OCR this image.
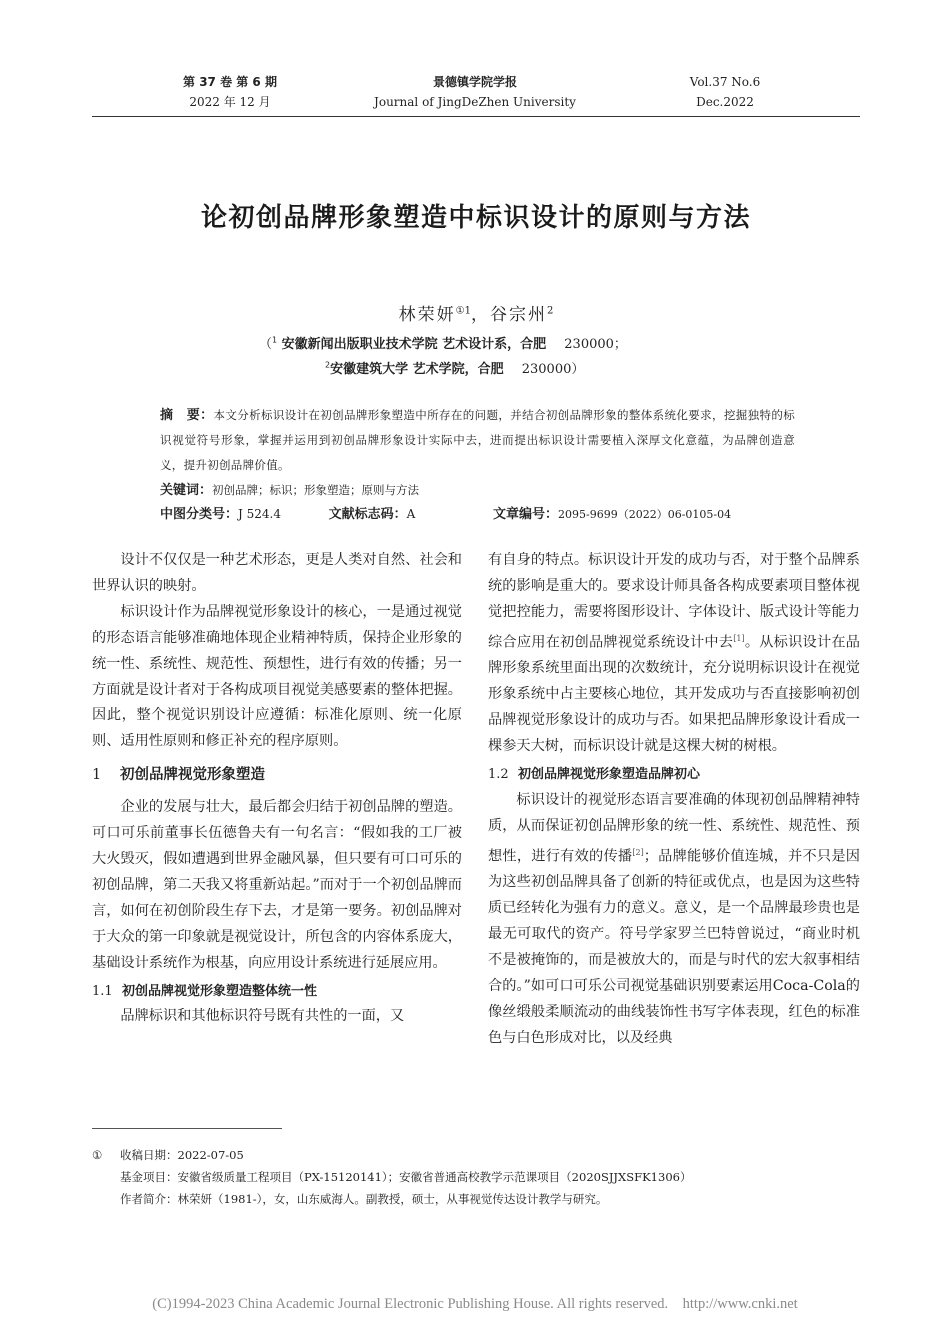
第 37 卷 第 6 期
2022 年 12 月
景德镇学院学报
Journal of JingDeZhen University
Vol.37 No.6
Dec.2022
论初创品牌形象塑造中标识设计的原则与方法
林荣妍$^{①1}$，谷宗州$^2$
（$^1$ 安徽新闻出版职业技术学院 艺术设计系，合肥 230000；
$^2$安徽建筑大学 艺术学院，合肥 230000）
摘　要：本文分析标识设计在初创品牌形象塑造中所存在的问题，并结合初创品牌形象的整体系统化要求，挖掘独特的标识视觉符号形象，掌握并运用到初创品牌形象设计实际中去，进而提出标识设计需要植入深厚文化意蕴，为品牌创造意义，提升初创品牌价值。
关键词：初创品牌；标识；形象塑造；原则与方法
中图分类号：J 524.4	文献标志码：A	文章编号：2095-9699（2022）06-0105-04

设计不仅仅是一种艺术形态，更是人类对自然、社会和世界认识的映射。

标识设计作为品牌视觉形象设计的核心，一是通过视觉的形态语言能够准确地体现企业精神特质，保持企业形象的统一性、系统性、规范性、预想性，进行有效的传播；另一方面就是设计者对于各构成项目视觉美感要素的整体把握。因此，整个视觉识别设计应遵循：标准化原则、统一化原则、适用性原则和修正补充的程序原则。

1 初创品牌视觉形象塑造

企业的发展与壮大，最后都会归结于初创品牌的塑造。可口可乐前董事长伍德鲁夫有一句名言：“假如我的工厂被大火毁灭，假如遭遇到世界金融风暴，但只要有可口可乐的初创品牌，第二天我又将重新站起。”而对于一个初创品牌而言，如何在初创阶段生存下去，才是第一要务。初创品牌对于大众的第一印象就是视觉设计，所包含的内容体系庞大，基础设计系统作为根基，向应用设计系统进行延展应用。

1.1 初创品牌视觉形象塑造整体统一性

品牌标识和其他标识符号既有共性的一面，又

有自身的特点。标识设计开发的成功与否，对于整个品牌系统的影响是重大的。要求设计师具备各构成要素项目整体视觉把控能力，需要将图形设计、字体设计、版式设计等能力综合应用在初创品牌视觉系统设计中去[1]。从标识设计在品牌形象系统里面出现的次数统计，充分说明标识设计在视觉形象系统中占主要核心地位，其开发成功与否直接影响初创品牌视觉形象设计的成功与否。如果把品牌形象设计看成一棵参天大树，而标识设计就是这棵大树的树根。

1.2 初创品牌视觉形象塑造品牌初心

标识设计的视觉形态语言要准确的体现初创品牌精神特质，从而保证初创品牌形象的统一性、系统性、规范性、预想性，进行有效的传播[2]；品牌能够价值连城，并不只是因为这些初创品牌具备了创新的特征或优点，也是因为这些特质已经转化为强有力的意义。意义，是一个品牌最珍贵也是最无可取代的资产。符号学家罗兰巴特曾说过，“商业时机不是被掩饰的，而是被放大的，而是与时代的宏大叙事相结合的。”如可口可乐公司视觉基础识别要素运用Coca-Cola的像丝缎般柔顺流动的曲线装饰性书写字体表现，红色的标准色与白色形成对比，以及经典

① 收稿日期：2022-07-05
基金项目：安徽省级质量工程项目（PX-15120141）；安徽省普通高校教学示范课项目（2020SJJXSFK1306）
作者简介：林荣妍（1981-），女，山东威海人。副教授，硕士，从事视觉传达设计教学与研究。
(C)1994-2023 China Academic Journal Electronic Publishing House. All rights reserved.    http://www.cnki.net
